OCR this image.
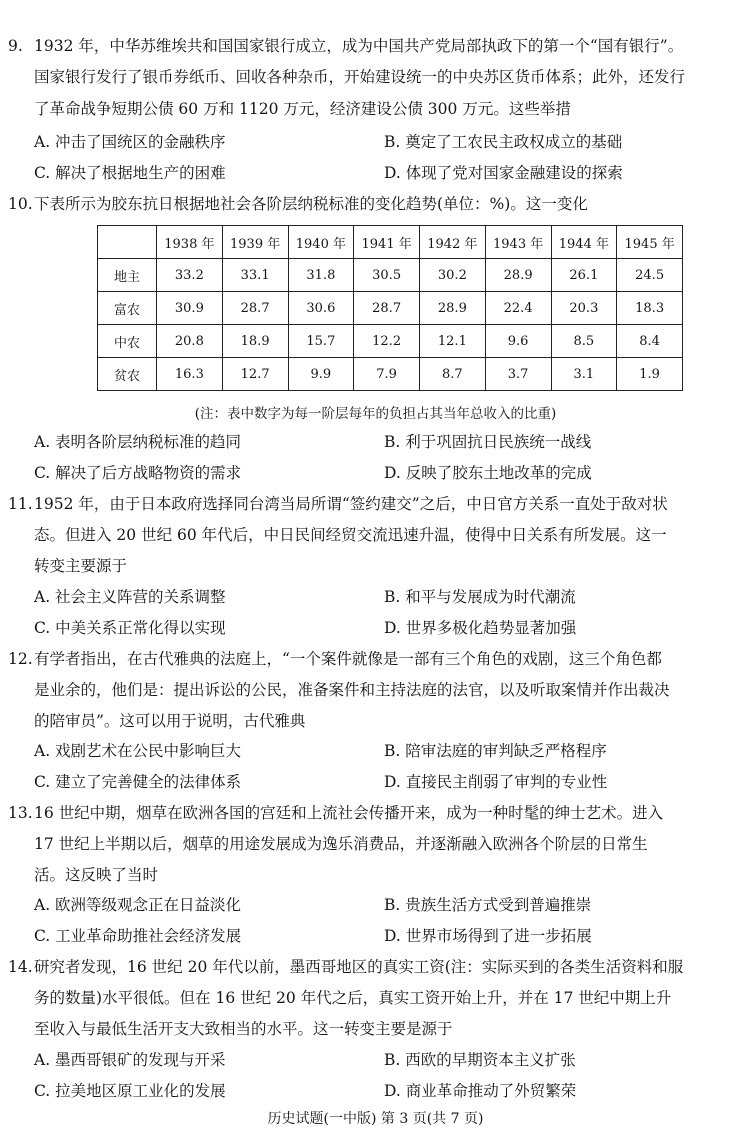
9. 1932 年，中华苏维埃共和国国家银行成立，成为中国共产党局部执政下的第一个“国有银行”。
国家银行发行了银币券纸币、回收各种杂币，开始建设统一的中央苏区货币体系；此外，还发行
了革命战争短期公债 60 万和 1120 万元，经济建设公债 300 万元。这些举措
A. 冲击了国统区的金融秩序	B. 奠定了工农民主政权成立的基础
C. 解决了根据地生产的困难	D. 体现了党对国家金融建设的探索
10. 下表所示为胶东抗日根据地社会各阶层纳税标准的变化趋势(单位：%)。这一变化
	1938 年	1939 年	1940 年	1941 年	1942 年	1943 年	1944 年	1945 年
地主	33.2	33.1	31.8	30.5	30.2	28.9	26.1	24.5
富农	30.9	28.7	30.6	28.7	28.9	22.4	20.3	18.3
中农	20.8	18.9	15.7	12.2	12.1	9.6	8.5	8.4
贫农	16.3	12.7	9.9	7.9	8.7	3.7	3.1	1.9
(注：表中数字为每一阶层每年的负担占其当年总收入的比重)
A. 表明各阶层纳税标准的趋同	B. 利于巩固抗日民族统一战线
C. 解决了后方战略物资的需求	D. 反映了胶东土地改革的完成
11. 1952 年，由于日本政府选择同台湾当局所谓“签约建交”之后，中日官方关系一直处于敌对状
态。但进入 20 世纪 60 年代后，中日民间经贸交流迅速升温，使得中日关系有所发展。这一
转变主要源于
A. 社会主义阵营的关系调整	B. 和平与发展成为时代潮流
C. 中美关系正常化得以实现	D. 世界多极化趋势显著加强
12. 有学者指出，在古代雅典的法庭上，“一个案件就像是一部有三个角色的戏剧，这三个角色都
是业余的，他们是：提出诉讼的公民，准备案件和主持法庭的法官，以及听取案情并作出裁决
的陪审员”。这可以用于说明，古代雅典
A. 戏剧艺术在公民中影响巨大	B. 陪审法庭的审判缺乏严格程序
C. 建立了完善健全的法律体系	D. 直接民主削弱了审判的专业性
13. 16 世纪中期，烟草在欧洲各国的宫廷和上流社会传播开来，成为一种时髦的绅士艺术。进入
17 世纪上半期以后，烟草的用途发展成为逸乐消费品，并逐渐融入欧洲各个阶层的日常生
活。这反映了当时
A. 欧洲等级观念正在日益淡化	B. 贵族生活方式受到普遍推崇
C. 工业革命助推社会经济发展	D. 世界市场得到了进一步拓展
14. 研究者发现，16 世纪 20 年代以前，墨西哥地区的真实工资(注：实际买到的各类生活资料和服
务的数量)水平很低。但在 16 世纪 20 年代之后，真实工资开始上升，并在 17 世纪中期上升
至收入与最低生活开支大致相当的水平。这一转变主要是源于
A. 墨西哥银矿的发现与开采	B. 西欧的早期资本主义扩张
C. 拉美地区原工业化的发展	D. 商业革命推动了外贸繁荣
历史试题(一中版) 第 3 页(共 7 页)
